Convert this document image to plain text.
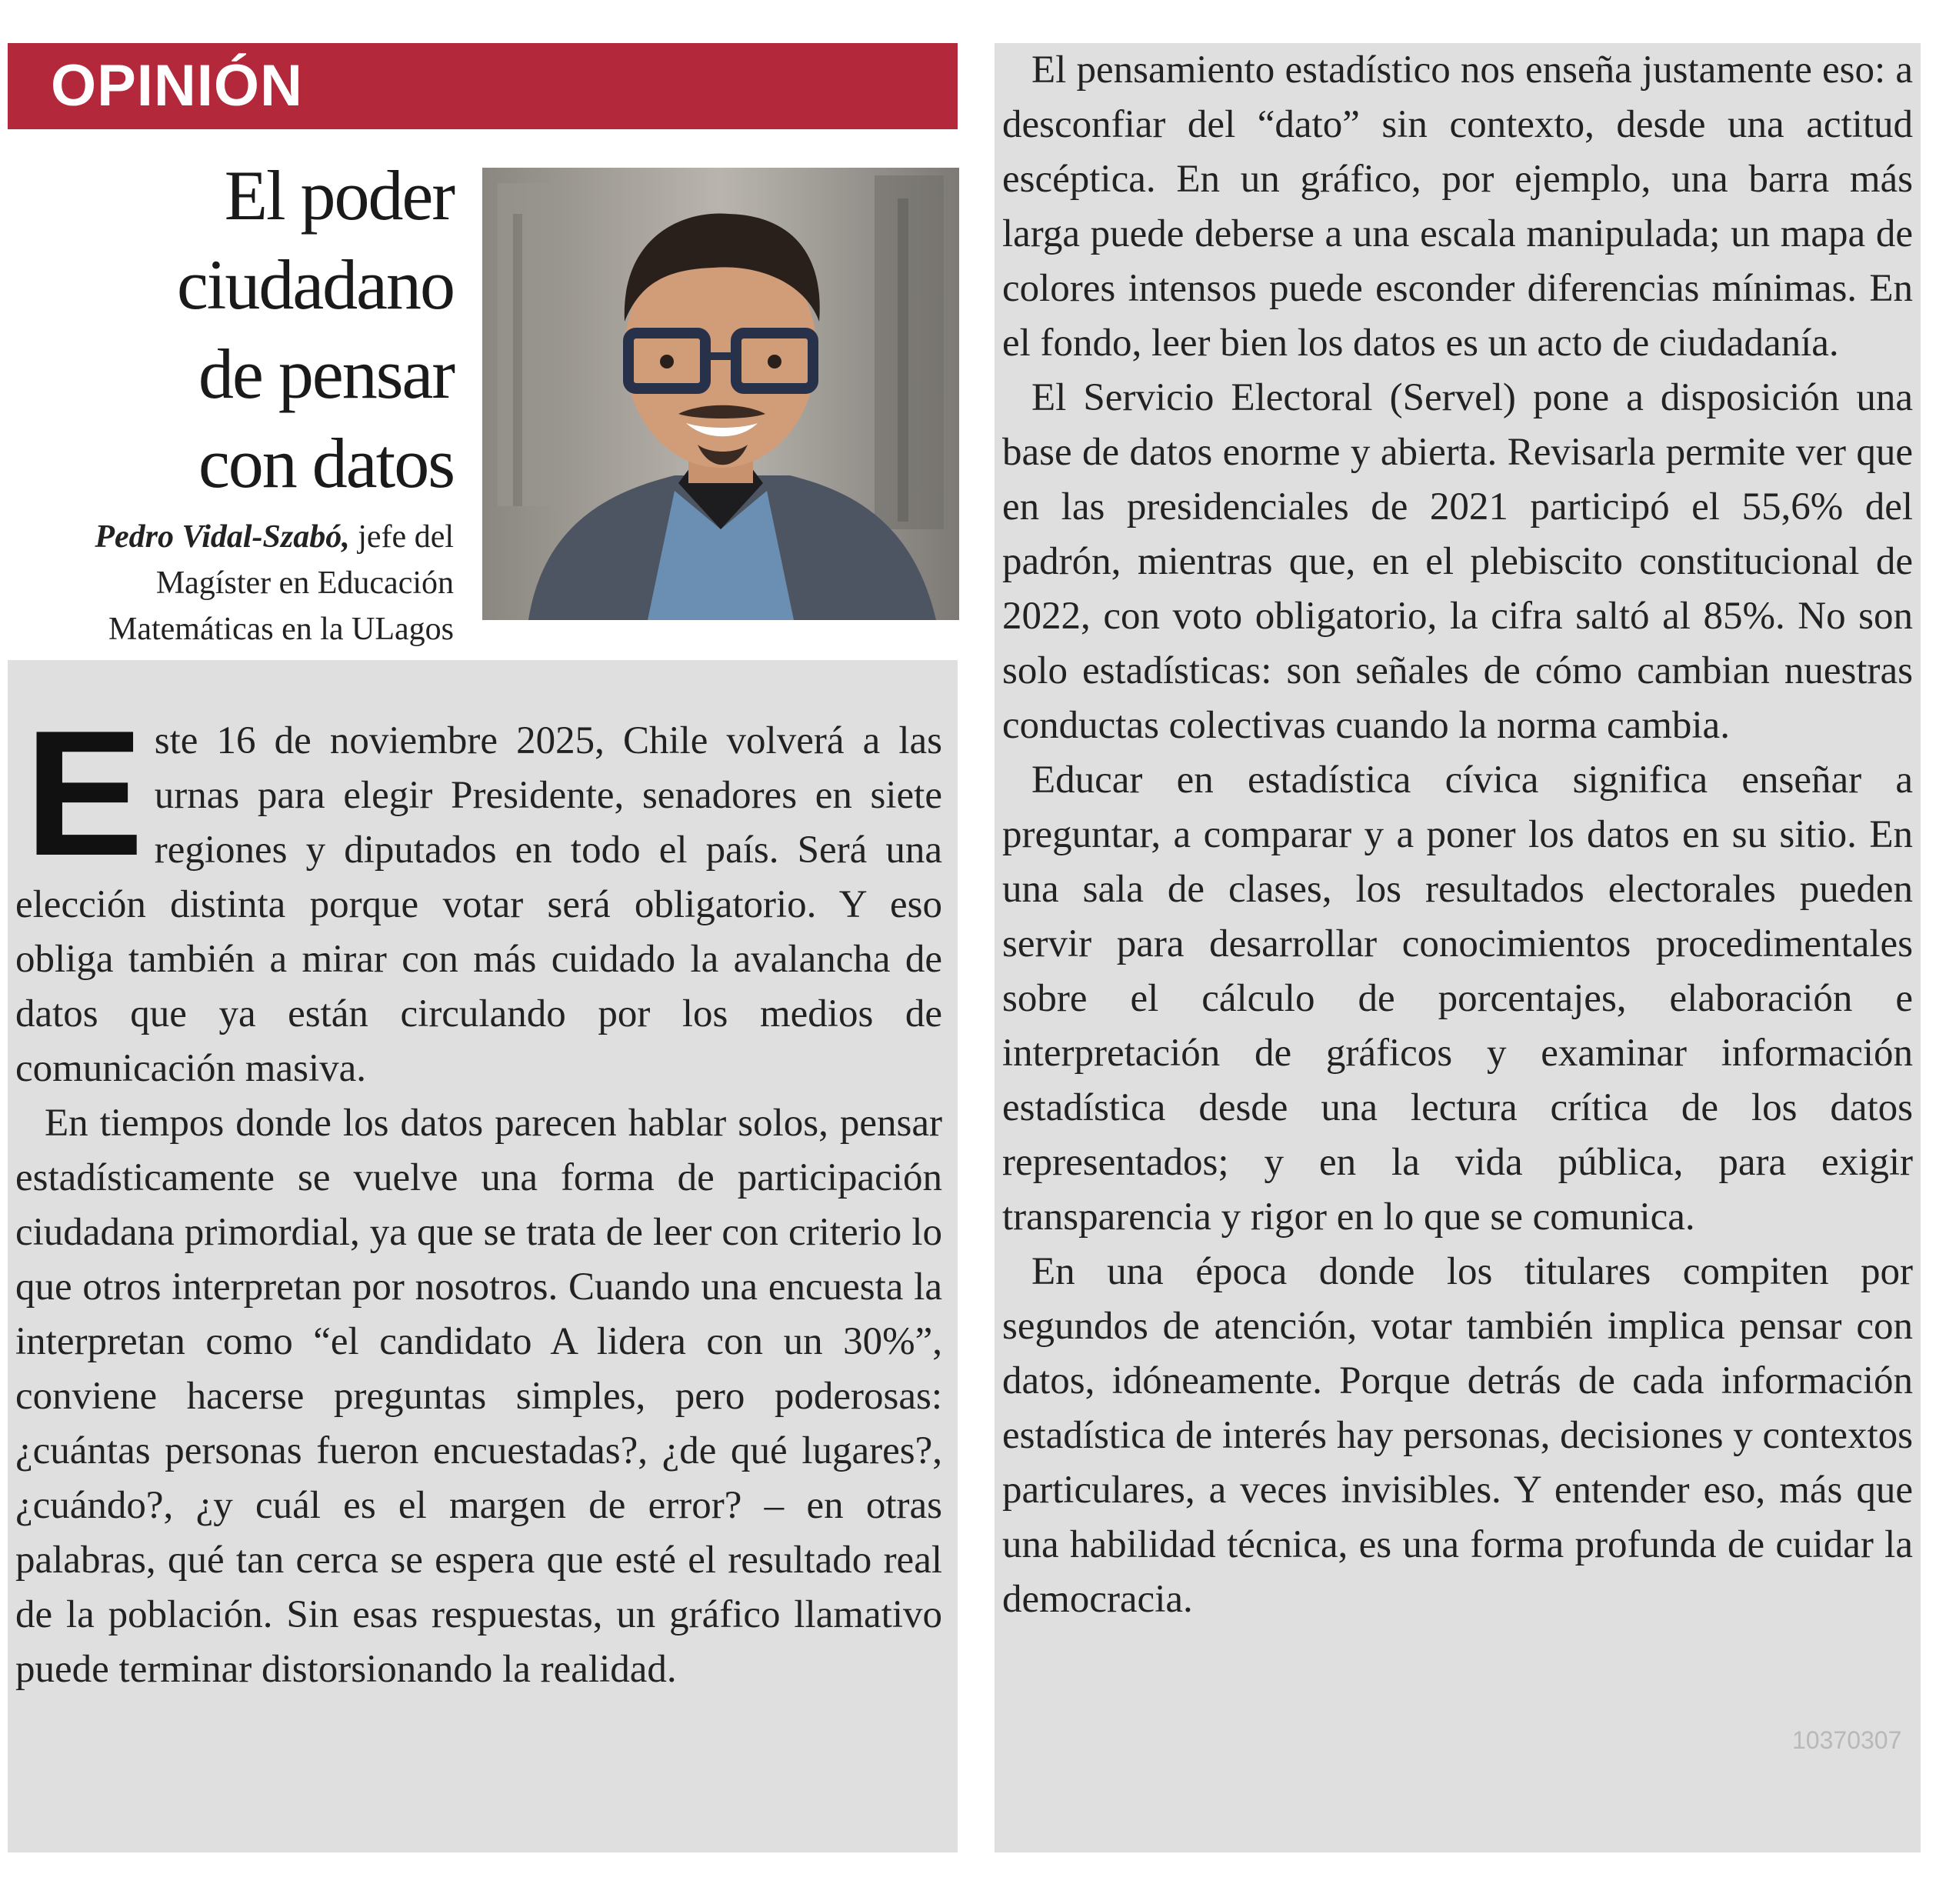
OPINIÓN
El poder
ciudadano
de pensar
con datos
Pedro Vidal-Szabó, jefe del
Magíster en Educación
Matemáticas en la ULagos

Este 16 de noviembre 2025, Chile volverá a las urnas para elegir Presidente, senadores en siete regiones y diputados en todo el país. Será una elección distinta porque votar será obligatorio. Y eso obliga también a mirar con más cuidado la avalancha de datos que ya están circulando por los medios de comunicación masiva.

En tiempos donde los datos parecen hablar solos, pensar estadísticamente se vuelve una forma de participación ciudadana primordial, ya que se trata de leer con criterio lo que otros interpretan por nosotros. Cuando una encuesta la interpretan como “el candidato A lidera con un 30%”, conviene hacerse preguntas simples, pero poderosas: ¿cuántas personas fueron encuestadas?, ¿de qué lugares?, ¿cuándo?, ¿y cuál es el margen de error? – en otras palabras, qué tan cerca se espera que esté el resultado real de la población. Sin esas respuestas, un gráfico llamativo puede terminar distorsionando la realidad.

El pensamiento estadístico nos enseña justamente eso: a desconfiar del “dato” sin contexto, desde una actitud escéptica. En un gráfico, por ejemplo, una barra más larga puede deberse a una escala manipulada; un mapa de colores intensos puede esconder diferencias mínimas. En el fondo, leer bien los datos es un acto de ciudadanía.

El Servicio Electoral (Servel) pone a disposición una base de datos enorme y abierta. Revisarla permite ver que en las presidenciales de 2021 participó el 55,6% del padrón, mientras que, en el plebiscito constitucional de 2022, con voto obligatorio, la cifra saltó al 85%. No son solo estadísticas: son señales de cómo cambian nuestras conductas colectivas cuando la norma cambia.

Educar en estadística cívica significa enseñar a preguntar, a comparar y a poner los datos en su sitio. En una sala de clases, los resultados electorales pueden servir para desarrollar conocimientos procedimentales sobre el cálculo de porcentajes, elaboración e interpretación de gráficos y examinar información estadística desde una lectura crítica de los datos representados; y en la vida pública, para exigir transparencia y rigor en lo que se comunica.

En una época donde los titulares compiten por segundos de atención, votar también implica pensar con datos, idóneamente. Porque detrás de cada información estadística de interés hay personas, decisiones y contextos particulares, a veces invisibles. Y entender eso, más que una habilidad técnica, es una forma profunda de cuidar la democracia.

10370307
